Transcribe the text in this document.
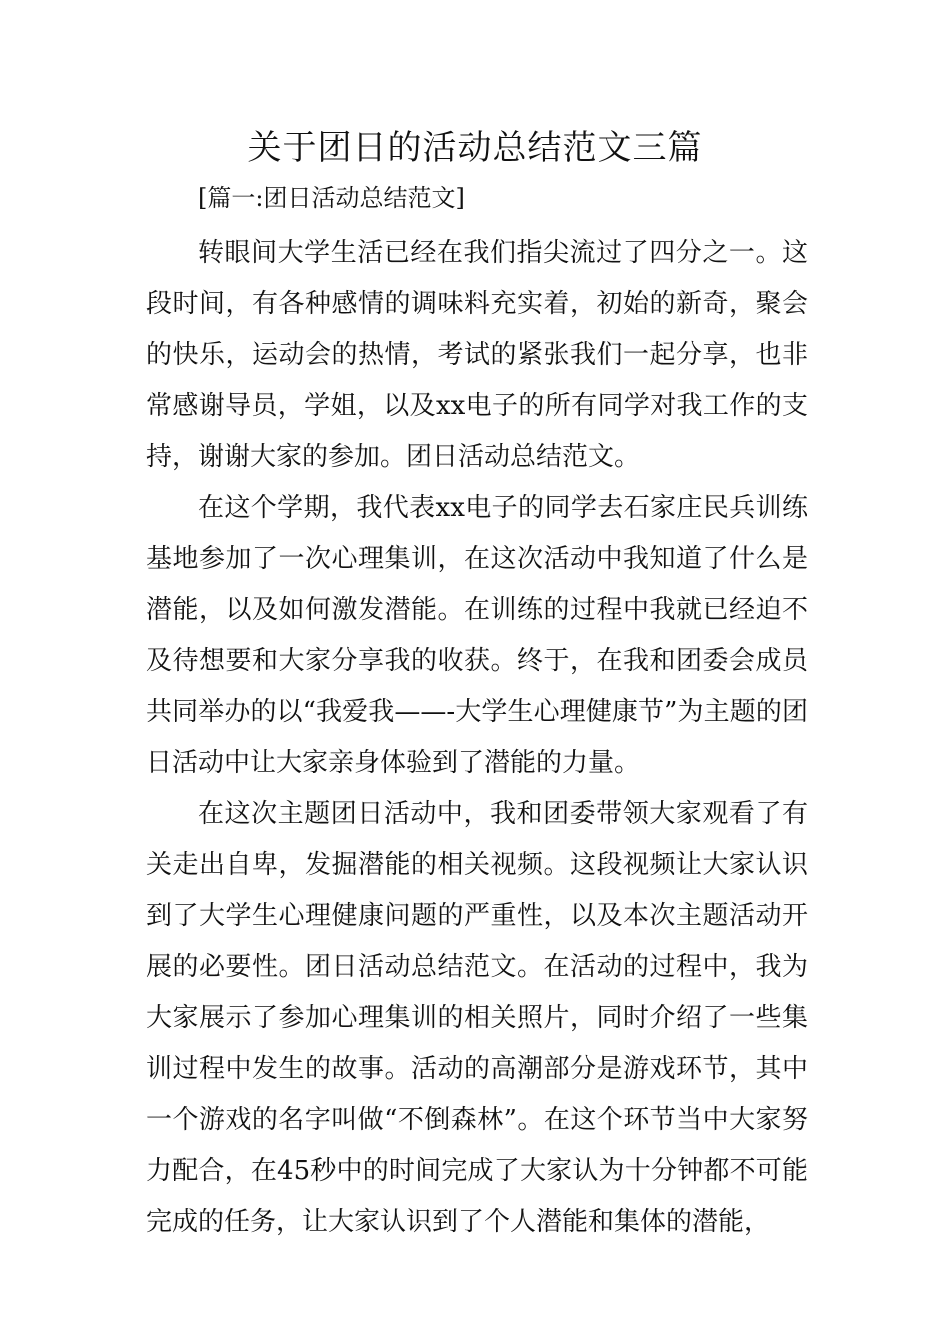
关于团日的活动总结范文三篇

[篇一:团日活动总结范文]

转眼间大学生活已经在我们指尖流过了四分之一。这段时间，有各种感情的调味料充实着，初始的新奇，聚会的快乐，运动会的热情，考试的紧张我们一起分享，也非常感谢导员，学姐，以及xx电子的所有同学对我工作的支持，谢谢大家的参加。团日活动总结范文。

在这个学期，我代表xx电子的同学去石家庄民兵训练基地参加了一次心理集训，在这次活动中我知道了什么是潜能，以及如何激发潜能。在训练的过程中我就已经迫不及待想要和大家分享我的收获。终于，在我和团委会成员共同举办的以“我爱我——-大学生心理健康节”为主题的团日活动中让大家亲身体验到了潜能的力量。

在这次主题团日活动中，我和团委带领大家观看了有关走出自卑，发掘潜能的相关视频。这段视频让大家认识到了大学生心理健康问题的严重性，以及本次主题活动开展的必要性。团日活动总结范文。在活动的过程中，我为大家展示了参加心理集训的相关照片，同时介绍了一些集训过程中发生的故事。活动的高潮部分是游戏环节，其中一个游戏的名字叫做“不倒森林”。在这个环节当中大家努力配合，在45秒中的时间完成了大家认为十分钟都不可能完成的任务，让大家认识到了个人潜能和集体的潜能，
